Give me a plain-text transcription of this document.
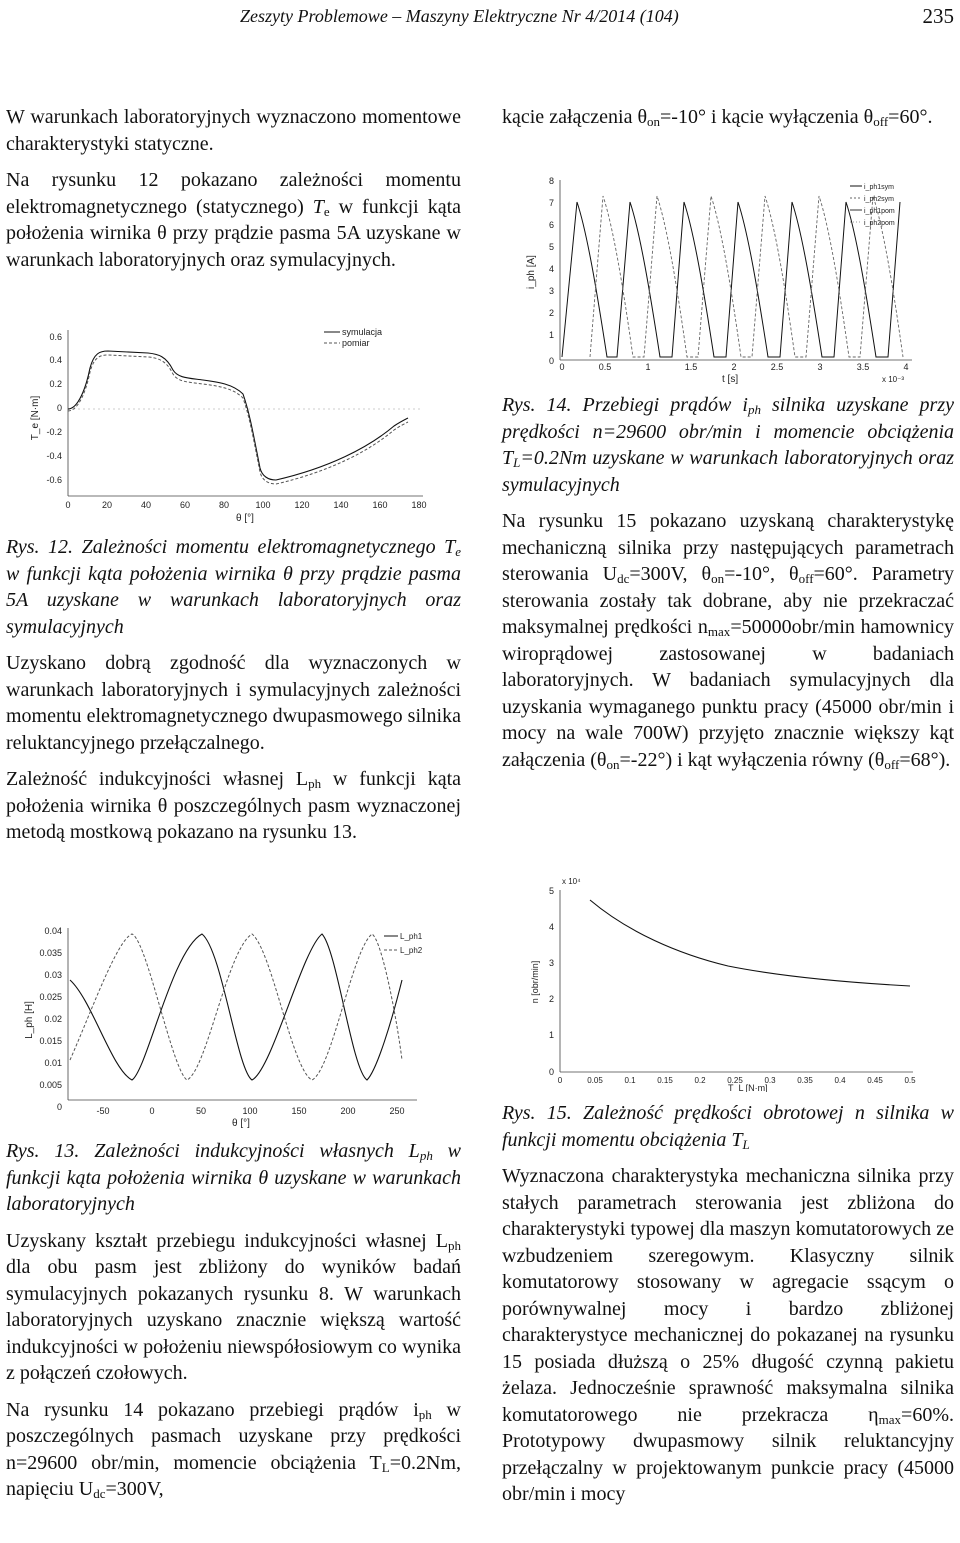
Zeszyty Problemowe – Maszyny Elektryczne Nr 4/2014 (104)	235

W warunkach laboratoryjnych wyznaczono momentowe charakterystyki statyczne.

Na rysunku 12 pokazano zależności momentu elektromagnetycznego (statycznego) $T_e$ w funkcji kąta położenia wirnika θ przy prądzie pasma 5A uzyskane w warunkach laboratoryjnych oraz symulacyjnych.

0.6
0.4
0.2
0
-0.2
-0.4
-0.6
0	20	40	60	80	100	120	140	160	180
θ [°]
T_e [N·m]
symulacja
pomiar

Rys. 12. Zależności momentu elektromagnetycznego $T_e$ w funkcji kąta położenia wirnika θ przy prądzie pasma 5A uzyskane w warunkach laboratoryjnych oraz symulacyjnych

Uzyskano dobrą zgodność dla wyznaczonych w warunkach laboratoryjnych i symulacyjnych zależności momentu elektromagnetycznego dwupasmowego silnika reluktancyjnego przełączalnego.

Zależność indukcyjności własnej $L_{ph}$ w funkcji kąta położenia wirnika θ poszczególnych pasm wyznaczonej metodą mostkową pokazano na rysunku 13.

0.04
0.035
0.03
0.025
0.02
0.015
0.01
0.005
0	-50	0	50	100	150	200	250
θ [°]
L_ph [H]
L_ph1
L_ph2

Rys. 13. Zależności indukcyjności własnych $L_{ph}$ w funkcji kąta położenia wirnika θ uzyskane w warunkach laboratoryjnych

Uzyskany kształt przebiegu indukcyjności własnej $L_{ph}$ dla obu pasm jest zbliżony do wyników badań symulacyjnych pokazanych rysunku 8. W warunkach laboratoryjnych uzyskano znacznie większą wartość indukcyjności w położeniu niewspółosiowym co wynika z połączeń czołowych.

Na rysunku 14 pokazano przebiegi prądów $i_{ph}$ w poszczególnych pasmach uzyskane przy prędkości n=29600 obr/min, momencie obciążenia $T_L=0.2Nm$, napięciu $U_{dc}=300V$,

kącie załączenia $\theta_{on}=-10^\circ$ i kącie wyłączenia $\theta_{off}=60^\circ$.

8
7
6
5
4
3
2
1
0
0	0.5	1	1.5	2	2.5	3	3.5	4
t [s]	x 10⁻³
i_ph [A]
i_ph1sym
i_ph2sym
i_ph1pom
i_ph2pom

Rys. 14. Przebiegi prądów $i_{ph}$ silnika uzyskane przy prędkości n=29600 obr/min i momencie obciążenia $T_L=0.2Nm$ uzyskane w warunkach laboratoryjnych oraz symulacyjnych

Na rysunku 15 pokazano uzyskaną charakterystykę mechaniczną silnika przy następujących parametrach sterowania $U_{dc}=300V$, $\theta_{on}=-10^\circ$, $\theta_{off}=60^\circ$. Parametry sterowania zostały tak dobrane, aby nie przekraczać maksymalnej prędkości $n_{max}=50000obr/\min$ hamownicy wiroprądowej zastosowanej w badaniach laboratoryjnych. W badaniach symulacyjnych dla uzyskania wymaganego punktu pracy (45000 obr/min i mocy na wale 700W) przyjęto znacznie większy kąt załączenia $(\theta_{on}=-22^\circ)$ i kąt wyłączenia równy $(\theta_{off}=68^\circ)$.

x 10⁴
5
4
3
2
1
0
0	0.05	0.1	0.15	0.2	0.25	0.3	0.35	0.4	0.45	0.5
T_L [N·m]
n [obr/min]

Rys. 15. Zależność prędkości obrotowej n silnika w funkcji momentu obciążenia $T_L$

Wyznaczona charakterystyka mechaniczna silnika przy stałych parametrach sterowania jest zbliżona do charakterystyki typowej dla maszyn komutatorowych ze wzbudzeniem szeregowym. Klasyczny silnik komutatorowy stosowany w agregacie ssącym o porównywalnej mocy i bardzo zbliżonej charakterystyce mechanicznej do pokazanej na rysunku 15 posiada dłuższą o 25% długość czynną pakietu żelaza. Jednocześnie sprawność maksymalna silnika komutatorowego nie przekracza $\eta_{max}=60\%$. Prototypowy dwupasmowy silnik reluktancyjny przełączalny w projektowanym punkcie pracy (45000 obr/min i mocy
